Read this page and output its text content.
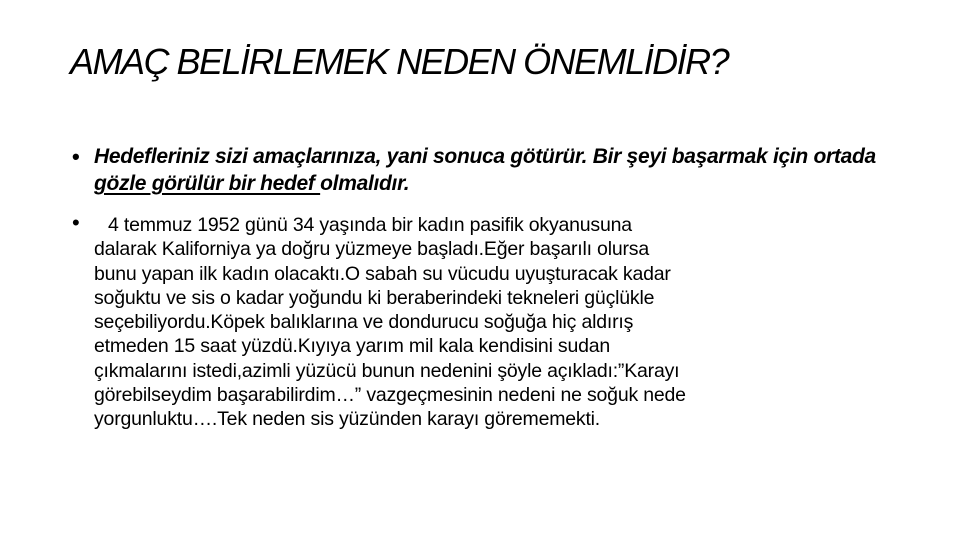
AMAÇ BELİRLEMEK NEDEN ÖNEMLİDİR?
• Hedefleriniz sizi amaçlarınıza, yani sonuca götürür. Bir şeyi başarmak için ortada gözle görülür bir hedef olmalıdır.
•	4 temmuz 1952 günü 34 yaşında bir kadın pasifik okyanusuna
dalarak Kaliforniya ya doğru yüzmeye başladı.Eğer başarılı olursa
bunu yapan ilk kadın olacaktı.O sabah su vücudu uyuşturacak kadar
soğuktu ve sis o kadar yoğundu ki beraberindeki tekneleri güçlükle
seçebiliyordu.Köpek balıklarına ve dondurucu soğuğa hiç aldırış
etmeden 15 saat yüzdü.Kıyıya yarım mil kala kendisini sudan
çıkmalarını istedi,azimli yüzücü bunun nedenini şöyle açıkladı:”Karayı
görebilseydim başarabilirdim…” vazgeçmesinin nedeni ne soğuk nede
yorgunluktu….Tek neden sis yüzünden karayı görememekti.
